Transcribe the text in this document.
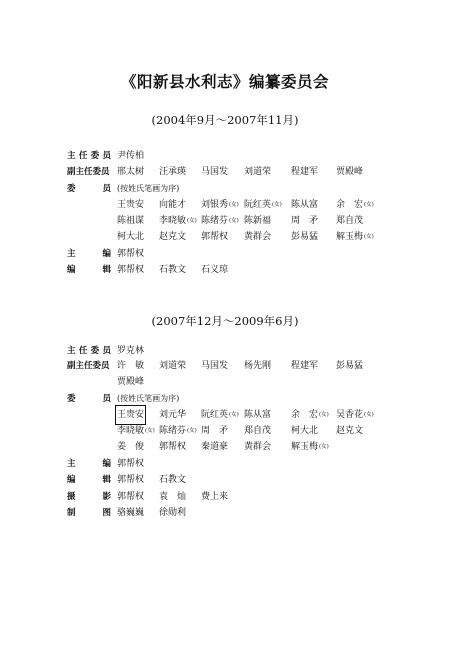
《阳新县水利志》编纂委员会
(2004年9月～2007年11月)
主任委员 尹传柏
副主任委员 邢太树 汪承瑛 马国发 刘道荣 程建军 贾殿峰
委　员 (按姓氏笔画为序)
王贵安 向能才 刘银秀(女) 阮红英(女) 陈从富 余　宏(女)
陈祖谋 李晓敏(女) 陈绪芬(女) 陈新福 周　矛 郑自茂
柯大北 赵克文 郭帮权 黄群会 彭易猛 解玉梅(女)
主　编 郭帮权
编　辑 郭帮权 石教文 石义琼
(2007年12月～2009年6月)
主任委员 罗克林
副主任委员 许　敏 刘道荣 马国发 杨先刚 程建军 彭易猛
贾殿峰
委　员 (按姓氏笔画为序)
王贵安 刘元华 阮红英(女) 陈从富 余　宏(女) 吴香花(女)
李晓敏(女) 陈绪芬(女) 周　矛 郑自茂 柯大北 赵克文
姜　俊 郭帮权 秦道豪 黄群会 解玉梅(女)
主　编 郭帮权
编　辑 郭帮权 石教文
摄　影 郭帮权 袁　灿 费上来
制　图 骆巍巍 徐勋利
